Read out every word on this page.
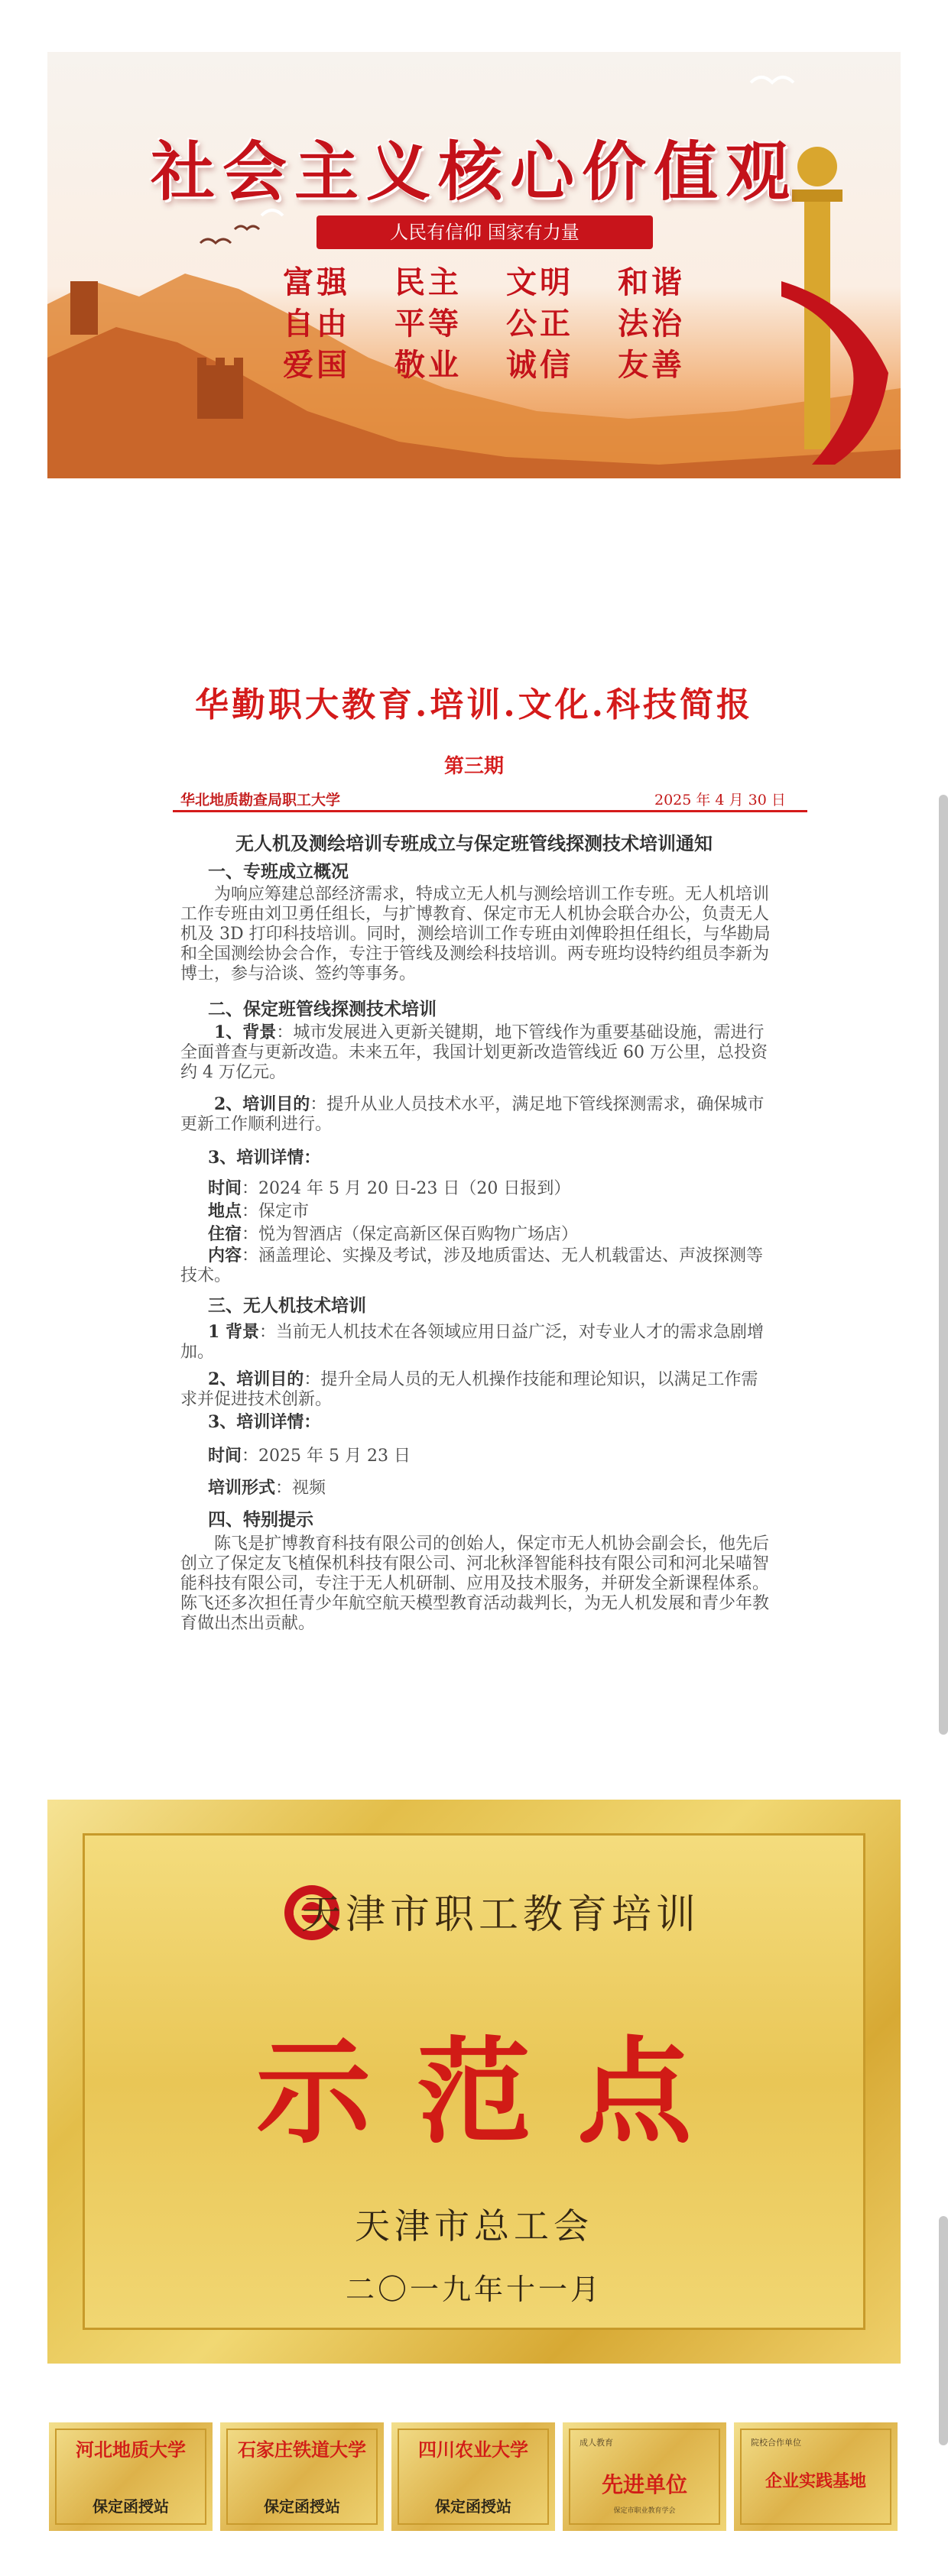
社会主义核心价值观
人民有信仰 国家有力量
富强 民主 文明 和谐
自由 平等 公正 法治
爱国 敬业 诚信 友善
华勤职大教育.培训.文化.科技简报
第三期
华北地质勘查局职工大学	2025 年 4 月 30 日
无人机及测绘培训专班成立与保定班管线探测技术培训通知
一、专班成立概况
为响应筹建总部经济需求，特成立无人机与测绘培训工作专班。无人机培训工作专班由刘卫勇任组长，与扩博教育、保定市无人机协会联合办公，负责无人机及 3D 打印科技培训。同时，测绘培训工作专班由刘俾聆担任组长，与华勘局和全国测绘协会合作，专注于管线及测绘科技培训。两专班均设特约组员李新为博士，参与洽谈、签约等事务。
二、保定班管线探测技术培训
1、背景：城市发展进入更新关键期，地下管线作为重要基础设施，需进行全面普查与更新改造。未来五年，我国计划更新改造管线近 60 万公里，总投资约 4 万亿元。
2、培训目的：提升从业人员技术水平，满足地下管线探测需求，确保城市更新工作顺利进行。
3、培训详情：
时间：2024 年 5 月 20 日-23 日（20 日报到）
地点：保定市
住宿：悦为智酒店（保定高新区保百购物广场店）
内容：涵盖理论、实操及考试，涉及地质雷达、无人机载雷达、声波探测等技术。
三、无人机技术培训
1 背景：当前无人机技术在各领域应用日益广泛，对专业人才的需求急剧增加。
2、培训目的：提升全局人员的无人机操作技能和理论知识，以满足工作需求并促进技术创新。
3、培训详情：
时间：2025 年 5 月 23 日
培训形式：视频
四、特别提示
陈飞是扩博教育科技有限公司的创始人，保定市无人机协会副会长，他先后创立了保定友飞植保机科技有限公司、河北秋泽智能科技有限公司和河北呆喵智能科技有限公司，专注于无人机研制、应用及技术服务，并研发全新课程体系。陈飞还多次担任青少年航空航天模型教育活动裁判长，为无人机发展和青少年教育做出杰出贡献。
天津市职工教育培训
示范点
天津市总工会
二〇一九年十一月
河北地质大学
保定函授站
石家庄铁道大学
保定函授站
四川农业大学
保定函授站
成人教育
先进单位
保定市职业教育学会
院校合作单位
企业实践基地
